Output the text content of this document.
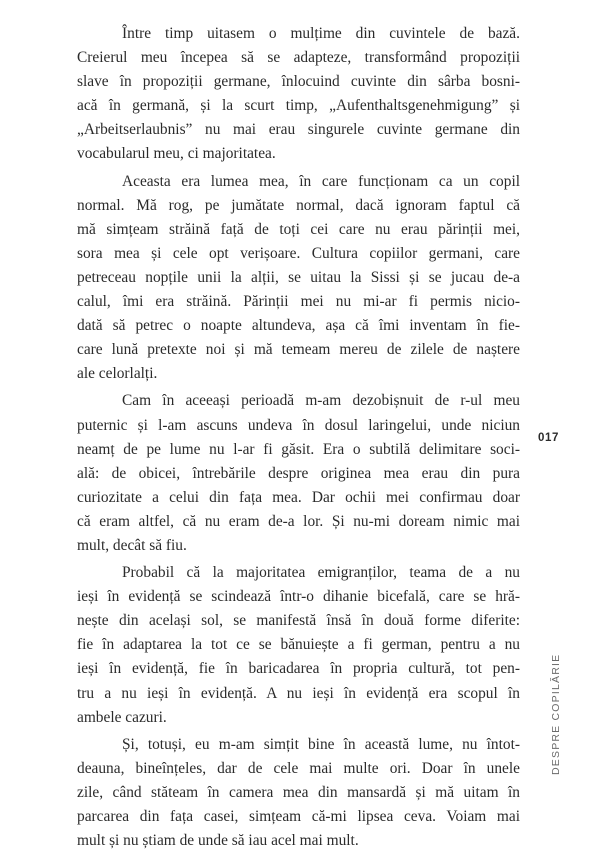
Între timp uitasem o mulțime din cuvintele de bază.
Creierul meu începea să se adapteze, transformând propoziții
slave în propoziții germane, înlocuind cuvinte din sârba bosni-
acă în germană, și la scurt timp, „Aufenthaltsgenehmigung” și
„Arbeitserlaubnis” nu mai erau singurele cuvinte germane din
vocabularul meu, ci majoritatea.

Aceasta era lumea mea, în care funcționam ca un copil
normal. Mă rog, pe jumătate normal, dacă ignoram faptul că
mă simțeam străină față de toți cei care nu erau părinții mei,
sora mea și cele opt verișoare. Cultura copiilor germani, care
petreceau nopțile unii la alții, se uitau la Sissi și se jucau de-a
calul, îmi era străină. Părinții mei nu mi-ar fi permis nicio-
dată să petrec o noapte altundeva, așa că îmi inventam în fie-
care lună pretexte noi și mă temeam mereu de zilele de naștere
ale celorlalți.

Cam în aceeași perioadă m-am dezobișnuit de r-ul meu
puternic și l-am ascuns undeva în dosul laringelui, unde niciun
neamț de pe lume nu l-ar fi găsit. Era o subtilă delimitare soci-
ală: de obicei, întrebările despre originea mea erau din pura
curiozitate a celui din fața mea. Dar ochii mei confirmau doar
că eram altfel, că nu eram de-a lor. Și nu-mi doream nimic mai
mult, decât să fiu.

Probabil că la majoritatea emigranților, teama de a nu
ieși în evidență se scindează într-o dihanie bicefală, care se hră-
nește din același sol, se manifestă însă în două forme diferite:
fie în adaptarea la tot ce se bănuiește a fi german, pentru a nu
ieși în evidență, fie în baricadarea în propria cultură, tot pen-
tru a nu ieși în evidență. A nu ieși în evidență era scopul în
ambele cazuri.

Și, totuși, eu m-am simțit bine în această lume, nu întot-
deauna, bineînțeles, dar de cele mai multe ori. Doar în unele
zile, când stăteam în camera mea din mansardă și mă uitam în
parcarea din fața casei, simțeam că-mi lipsea ceva. Voiam mai
mult și nu știam de unde să iau acel mai mult.

017
DESPRE COPILĂRIE
